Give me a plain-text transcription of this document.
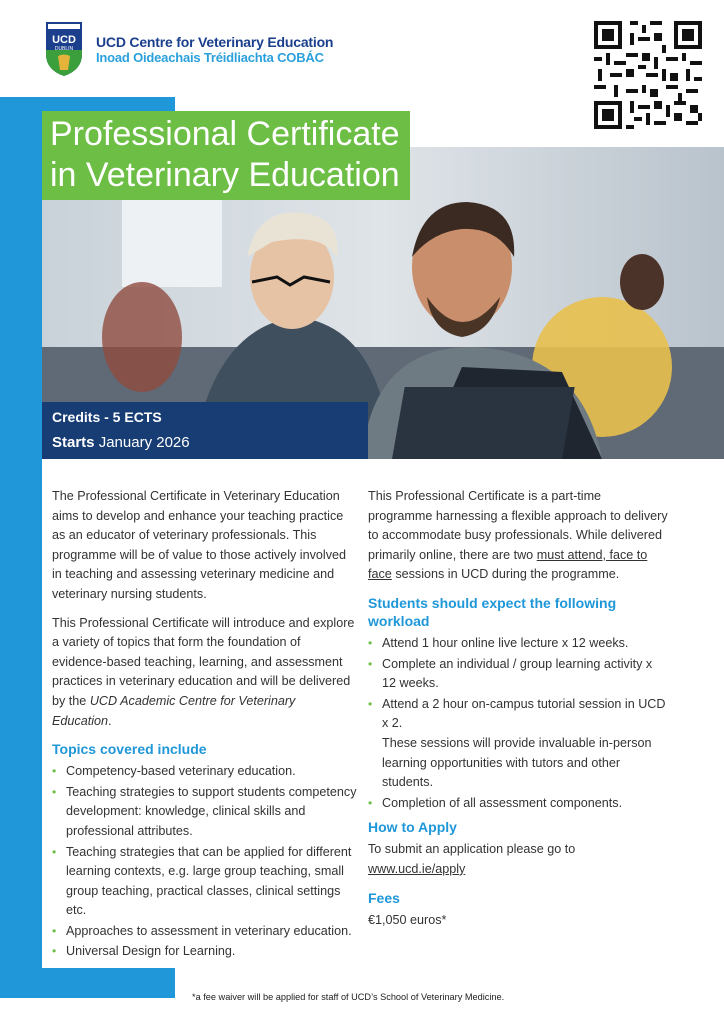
UCD
DUBLIN UCD Centre for Veterinary Education
Inoad Oideachais Tréidliachta COBÁC
Professional Certificate
in Veterinary Education
Credits - 5 ECTS
Starts January 2026

The Professional Certificate in Veterinary Education aims to develop and enhance your teaching practice as an educator of veterinary professionals. This programme will be of value to those actively involved in teaching and assessing veterinary medicine and veterinary nursing students.

This Professional Certificate will introduce and explore a variety of topics that form the foundation of evidence-based teaching, learning, and assessment practices in veterinary education and will be delivered by the UCD Academic Centre for Veterinary Education.

Topics covered include
• Competency-based veterinary education.
• Teaching strategies to support students competency development: knowledge, clinical skills and professional attributes.
• Teaching strategies that can be applied for different learning contexts, e.g. large group teaching, small group teaching, practical classes, clinical settings etc.
• Approaches to assessment in veterinary education.
• Universal Design for Learning.

This Professional Certificate is a part-time programme harnessing a flexible approach to delivery to accommodate busy professionals. While delivered primarily online, there are two must attend, face to face sessions in UCD during the programme.

Students should expect the following workload
• Attend 1 hour online live lecture x 12 weeks.
• Complete an individual / group learning activity x 12 weeks.
• Attend a 2 hour on-campus tutorial session in UCD x 2.
These sessions will provide invaluable in-person learning opportunities with tutors and other students.
• Completion of all assessment components.
How to Apply

To submit an application please go to
www.ucd.ie/apply

Fees

€1,050 euros*

*a fee waiver will be applied for staff of UCD’s School of Veterinary Medicine.
